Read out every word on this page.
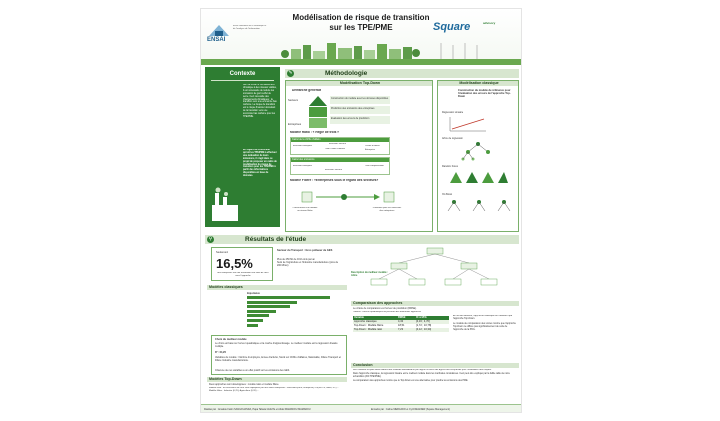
ENSAI
École nationale de la statistique et de l'analyse de l'information
Modélisation de risque de transition sur les TPE/PME	Square	advisory
Contexte
Afin de limiter le réchauffement climatique à des niveaux viables, il est nécessaire de réduire les émissions de gaz à effet de serre. Ceci nécessite des changements climatiques : la transition vers une économie bas carbone. Le risque de transition est le risque financier découlant de la transition vers une économie bas carbone pour les TPE/PME.
En regard de la difficulté qu'ont les TPE/PME à effectuer une évaluation de leurs émissions, il s'agit dans ce projet de proposer un cadre de modélisation du risque de transition pour les TPE/PME à partir des informations disponibles en base de données.
✎	Méthodologie
Modélisation Top-Down
Démarche générale
Secteurs
Entreprises
Construction du modèle avec les données disponibles
Prédiction des émissions des entreprises
Evaluation des erreurs de prédiction
Modèle Ratio : « Règle de trois »
Calcul de la chiffre d'affaire
Emission Entreprise
Emission Secteur
Total Chiffre d'affaire
Chiffre d'affaire Entreprise
Calcul des émissions
Emission Entreprise
Emission Secteur
Taux compensation
Modèle Filière : «Entreprises sous le regard des secteurs»
Construction d'un modèle au niveau filière
Prédiction pour les émissions des entreprises
Modélisation classique
Construction du modèle de référence pour l'évaluation des erreurs de l'approche Top-Down
Régression Linéaire
Arbre de régression
Random Forest
XG Boost
⚲	Résultats de l'étude
Seulement
16,5%
des entreprises ont une estimation non nulle de GES avec l'approche
Secteur du Transport : Gros pollueur de GES
Plus de 250 Mt de CO2 émis par an
Suivi de l'Agriculture et l'Industrie manufacturière (près de 200 Mt/an)
Description du meilleur modèle : Arbre
Modèles classiques
Importance
Choix du meilleur modèle
Le choix est basé sur l'erreur quadratique et la courbe d'apprentissage. Le meilleur modèle est la régression linéaire multiple.
R² : 64,2%
Variables du modèle : Nombre d'employés, Année d'activité, Stock sur Chiffre d'affaires, Nationalité, Filière Transport et Filière Industrie manufacturière.
Chacune de ces variables a un effet positif sur les émissions des GES.
Modèles Top-Down
Deux approches sont développées : modèle ratio et modèle filière.
Modèle ratio : les émissions de GES sont expliquées par des effets entreprises : émissions(GES, entreprise) = a(sect. N, filière, NT) ... Modèle filière : Industrie (0,70), Agriculture (0,26) ...
Comparaison des approches
Le critère de comparaison est l'erreur de prédiction (RMSE).
Tableau : Erreurs quadratiques de prévision des différentes approches
Variable	RMSE	IC à 95%
Approche classique	4,43	[4,16 ; 4,70]
Top-Down : Modèle filière	18,51	[1,72 ; 10,78]
Top-Down : Modèle ratio	7,23	[4,12 ; 10,34]
En termes absolus, l'approche classique est meilleure que l'approche Top-Down.
Le modèle de comparaison des scores montre que l'approche Top-Down ne diffère pas significativement de celle de l'approche de la PDG.
Conclusion
Les modèles simples aussi fiables des résultats satisfaisants par rapport à ceux des approches complexes pour l'évaluation des risques.
Dans l'approche classique, la régression linéaire est le meilleur modèle dans les méthodes considérées. Ceci peut être expliqué par la faible taille de notre échantillon (200 TPE/PME).
La comparaison des approches montre que le Top-Down est une alternative pour prédire les émissions des PME.
Réalisé par : Amadou Fatim SANGOUANDA, Papa Tabara GUEYE et Abdel MAMADOU MAMADOU	Encadré par : Céline MERCADO et Cyril REGNIER (Square Management)
